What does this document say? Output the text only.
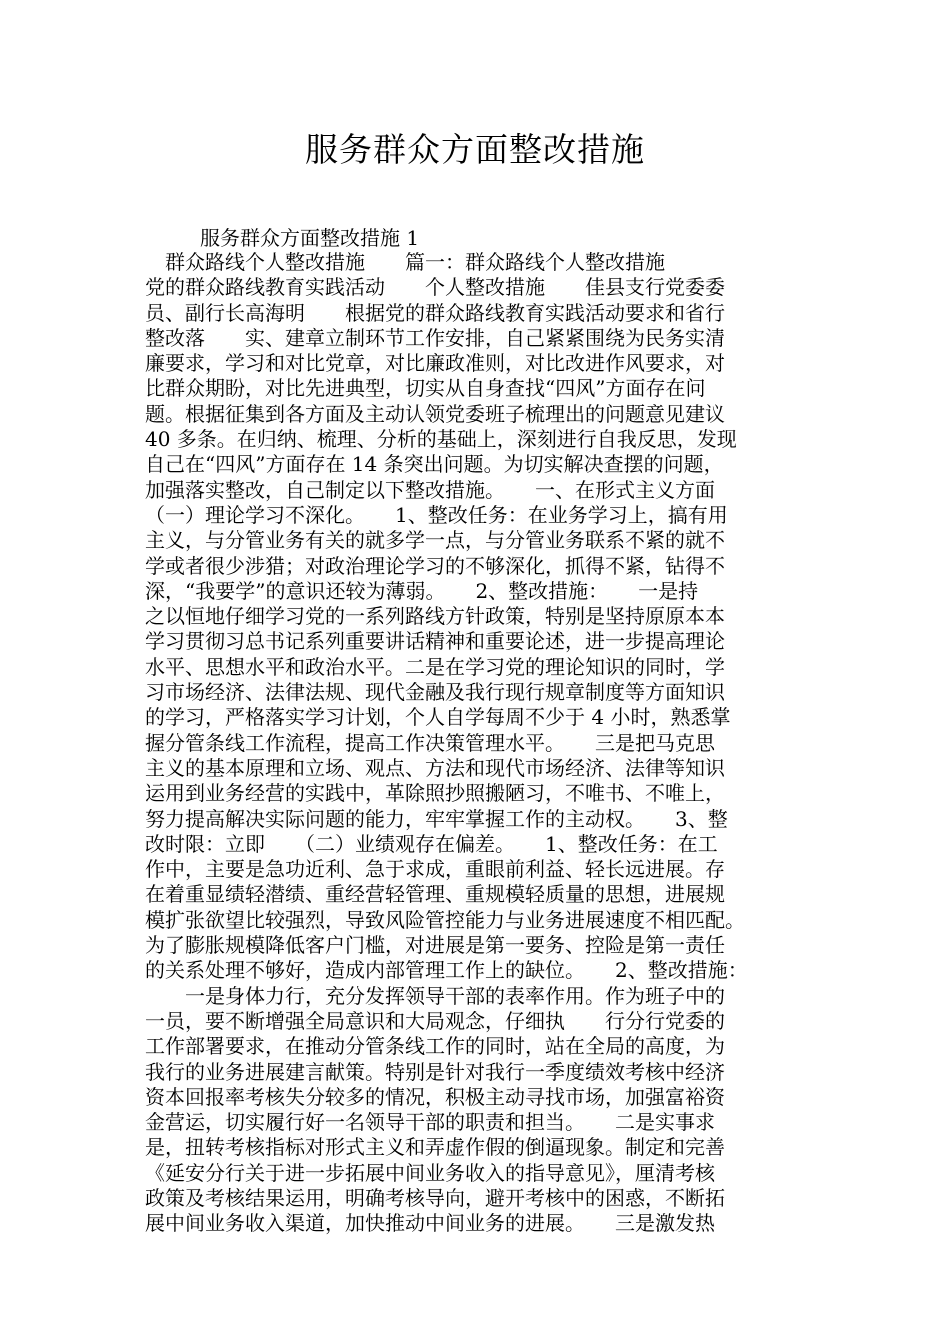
服务群众方面整改措施
服务群众方面整改措施 1
　群众路线个人整改措施　　篇一：群众路线个人整改措施
党的群众路线教育实践活动　　个人整改措施　　佳县支行党委委
员、副行长高海明　　根据党的群众路线教育实践活动要求和省行
整改落　　实、建章立制环节工作安排，自己紧紧围绕为民务实清
廉要求，学习和对比党章，对比廉政准则，对比改进作风要求，对
比群众期盼，对比先进典型，切实从自身查找“四风”方面存在问
题。根据征集到各方面及主动认领党委班子梳理出的问题意见建议
40 多条。在归纳、梳理、分析的基础上，深刻进行自我反思，发现
自己在“四风”方面存在 14 条突出问题。为切实解决查摆的问题，
加强落实整改，自己制定以下整改措施。　　一、在形式主义方面
（一）理论学习不深化。　　1、整改任务：在业务学习上，搞有用
主义，与分管业务有关的就多学一点，与分管业务联系不紧的就不
学或者很少涉猎；对政治理论学习的不够深化，抓得不紧，钻得不
深，“我要学”的意识还较为薄弱。　　2、整改措施：　　一是持
之以恒地仔细学习党的一系列路线方针政策，特别是坚持原原本本
学习贯彻习总书记系列重要讲话精神和重要论述，进一步提高理论
水平、思想水平和政治水平。二是在学习党的理论知识的同时，学
习市场经济、法律法规、现代金融及我行现行规章制度等方面知识
的学习，严格落实学习计划，个人自学每周不少于 4 小时，熟悉掌
握分管条线工作流程，提高工作决策管理水平。　　三是把马克思
主义的基本原理和立场、观点、方法和现代市场经济、法律等知识
运用到业务经营的实践中，革除照抄照搬陋习，不唯书、不唯上，
努力提高解决实际问题的能力，牢牢掌握工作的主动权。　　3、整
改时限：立即　　（二）业绩观存在偏差。　　1、整改任务：在工
作中，主要是急功近利、急于求成，重眼前利益、轻长远进展。存
在着重显绩轻潜绩、重经营轻管理、重规模轻质量的思想，进展规
模扩张欲望比较强烈，导致风险管控能力与业务进展速度不相匹配。
为了膨胀规模降低客户门槛，对进展是第一要务、控险是第一责任
的关系处理不够好，造成内部管理工作上的缺位。　　2、整改措施：
　　一是身体力行，充分发挥领导干部的表率作用。作为班子中的
一员，要不断增强全局意识和大局观念，仔细执　　行分行党委的
工作部署要求，在推动分管条线工作的同时，站在全局的高度，为
我行的业务进展建言献策。特别是针对我行一季度绩效考核中经济
资本回报率考核失分较多的情况，积极主动寻找市场，加强富裕资
金营运，切实履行好一名领导干部的职责和担当。　　二是实事求
是，扭转考核指标对形式主义和弄虚作假的倒逼现象。制定和完善
《延安分行关于进一步拓展中间业务收入的指导意见》，厘清考核
政策及考核结果运用，明确考核导向，避开考核中的困惑，不断拓
展中间业务收入渠道，加快推动中间业务的进展。　　三是激发热
